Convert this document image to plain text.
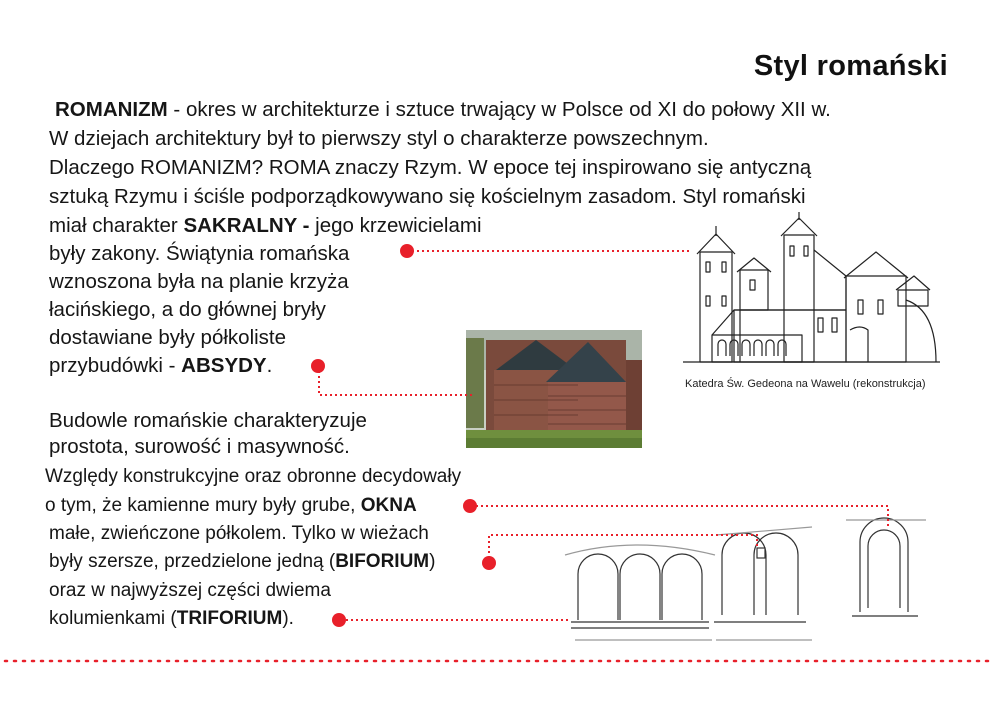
Styl romański
ROMANIZM - okres w architekturze i sztuce trwający w Polsce od XI do połowy XII w.
W dziejach architektury był to pierwszy styl o charakterze powszechnym.
Dlaczego ROMANIZM? ROMA znaczy Rzym. W epoce tej inspirowano się antyczną
sztuką Rzymu i ściśle podporządkowywano się kościelnym zasadom. Styl romański
miał charakter SAKRALNY - jego krzewicielami
były zakony. Świątynia romańska
wznoszona była na planie krzyża
łacińskiego, a do głównej bryły
dostawiane były półkoliste
przybudówki - ABSYDY.
Budowle romańskie charakteryzuje
prostota, surowość i masywność.
Względy konstrukcyjne oraz obronne decydowały
o tym, że kamienne mury były grube, OKNA
małe, zwieńczone półkolem. Tylko w wieżach
były szersze, przedzielone jedną (BIFORIUM)
oraz w najwyższej części dwiema
kolumienkami (TRIFORIUM).
Katedra Św. Gedeona na Wawelu (rekonstrukcja)
